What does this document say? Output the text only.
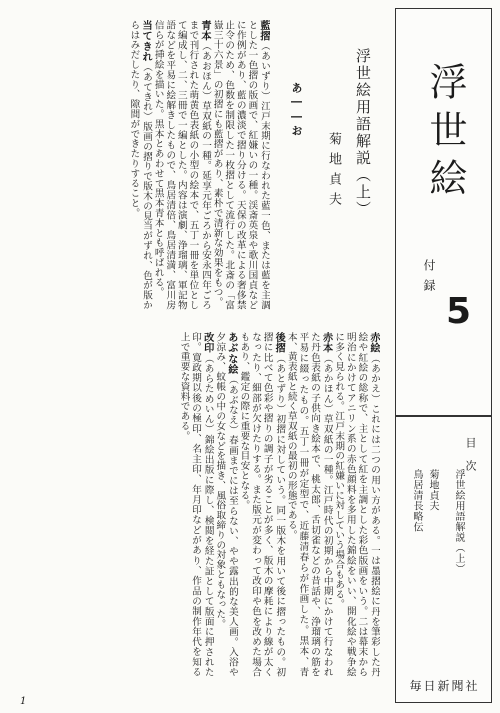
浮世絵用語解説（上）
菊地貞夫
あ――お

藍摺（あいずり）江戸末期に行なわれた藍一色、または藍を主調とした一色摺の版画で、紅嫌いの一種。渓斎英泉や歌川国貞などに作例があり、藍の濃淡で摺り分ける。天保の改革による奢侈禁止令のため、色数を制限した一枚摺として流行した。北斎の「富嶽三十六景」の初摺にも藍摺があり、素朴で清新な効果をもつ。

青本（あおほん）草双紙の一種。延享元年ごろから安永四年ごろまで刊行された萌黄色表紙の小型の絵本で、五丁一冊を単位として編成し、二、三冊で一編とした。内容は演劇、浄瑠璃、軍記物語などを平易に絵解きしたもので、鳥居清倍、鳥居清満、富川房信らが挿絵を描いた。黒本とあわせて黒本青本とも呼ばれる。

当てきれ（あてきれ）版画の摺りで版木の見当がずれ、色が版からはみだしたり、隙間ができたりすること。

赤絵（あかえ）これには二つの用い方がある。一は墨摺絵に丹を筆彩した丹絵や紅絵の総称で、主として紅を主調とした彩色版画をいう。二は幕末から明治にかけてアニリン系の赤色顔料を多用した錦絵をいい、開化絵や戦争絵に多く見られる。江戸末期の紅嫌いに対していう場合もある。

赤本（あかほん）草双紙の一種。江戸時代の初期から中期にかけて行なわれた丹色表紙の子供向き絵本で、桃太郎、舌切雀などの昔話や、浄瑠璃の筋を平易に綴ったもの。五丁一冊が定型で、近藤清春らが作画した。黒本、青本、黄表紙と続く草双紙の最初の形態である。

後摺（あとずり）初摺に対していう。同一版木を用いて後に摺ったもの。初摺に比べて色彩や摺りの調子が劣ることが多く、版木の摩耗により線が太くなったり、細部が欠けたりする。また版元が変わって改印や色を改めた場合もあり、鑑定の際に重要な目安となる。

あぶな絵（あぶなえ）春画までには至らない、やや露出的な美人画。入浴や夕涼み、蚊帳の中の女などを描き、風俗取締りの対象ともなった。

改印（あらためいん）錦絵出版に際し、検閲を経た証として版面に押された印。寛政期以後の極印、名主印、年月印などがあり、作品の制作年代を知る上で重要な資料である。

1
浮世絵
付録
5
目次
浮世絵用語解説（上）
菊地貞夫
鳥居清長略伝
毎日新聞社
